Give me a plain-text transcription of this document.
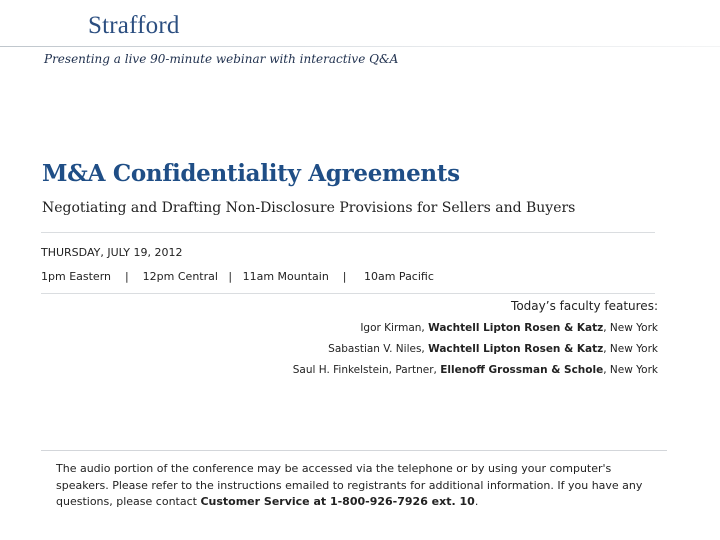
Strafford
Presenting a live 90-minute webinar with interactive Q&A
M&A Confidentiality Agreements
Negotiating and Drafting Non-Disclosure Provisions for Sellers and Buyers
THURSDAY, JULY 19, 2012
1pm Eastern    |    12pm Central   |   11am Mountain    |     10am Pacific
Today’s faculty features:
Igor Kirman, Wachtell Lipton Rosen & Katz, New York
Sabastian V. Niles, Wachtell Lipton Rosen & Katz, New York
Saul H. Finkelstein, Partner, Ellenoff Grossman & Schole, New York
The audio portion of the conference may be accessed via the telephone or by using your computer's speakers. Please refer to the instructions emailed to registrants for additional information. If you have any questions, please contact Customer Service at 1-800-926-7926 ext. 10.
